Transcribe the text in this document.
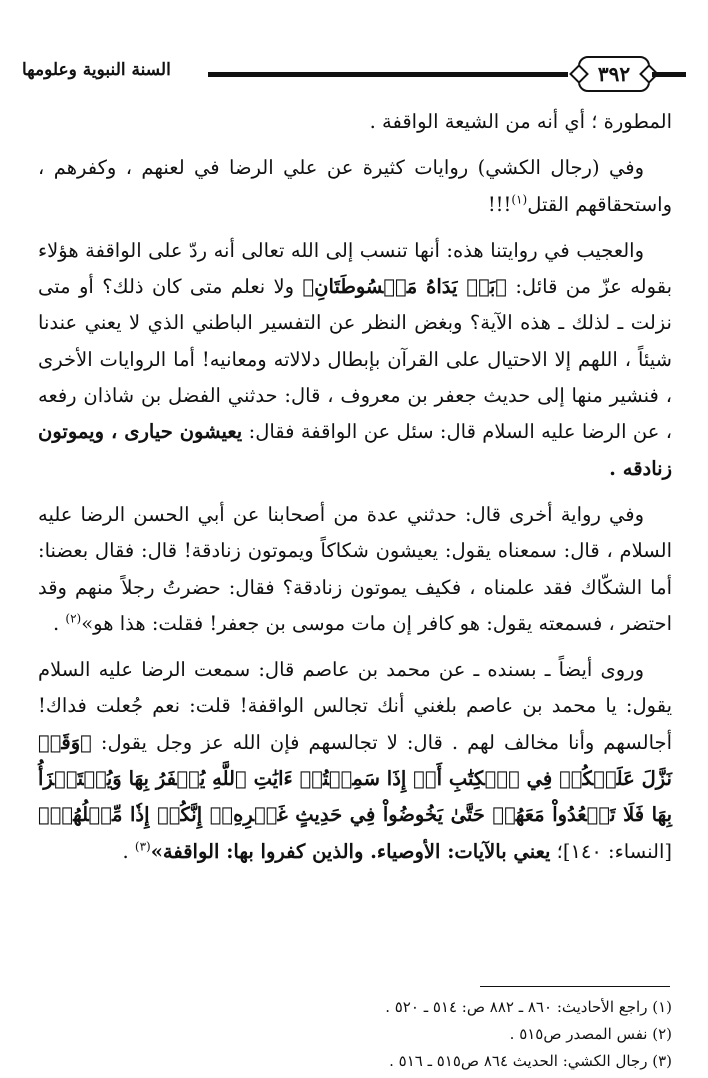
السنة النبوية وعلومها	٣٩٢

المطورة ؛ أي أنه من الشيعة الواقفة .

وفي (رجال الكشي) روايات كثيرة عن علي الرضا في لعنهم ، وكفرهم ، واستحقاقهم القتل$^{(١)}$!!!

والعجيب في روايتنا هذه: أنها تنسب إلى الله تعالى أنه ردّ على الواقفة هؤلاء بقوله عزّ من قائل: ﴿بَلۡ يَدَاهُ مَبۡسُوطَتَانِ﴾ ولا نعلم متى كان ذلك؟ أو متى نزلت ـ لذلك ـ هذه الآية؟ وبغض النظر عن التفسير الباطني الذي لا يعني عندنا شيئاً ، اللهم إلا الاحتيال على القرآن بإبطال دلالاته ومعانيه! أما الروايات الأخرى ، فنشير منها إلى حديث جعفر بن معروف ، قال: حدثني الفضل بن شاذان رفعه ، عن الرضا عليه السلام قال: سئل عن الواقفة فقال: يعيشون حيارى ، ويموتون زنادقه .

وفي رواية أخرى قال: حدثني عدة من أصحابنا عن أبي الحسن الرضا عليه السلام ، قال: سمعناه يقول: يعيشون شكاكاً ويموتون زنادقة! قال: فقال بعضنا: أما الشكّاك فقد علمناه ، فكيف يموتون زنادقة؟ فقال: حضرتُ رجلاً منهم وقد احتضر ، فسمعته يقول: هو كافر إن مات موسى بن جعفر! فقلت: هذا هو»$^{(٢)}$ .

وروى أيضاً ـ بسنده ـ عن محمد بن عاصم قال: سمعت الرضا عليه السلام يقول: يا محمد بن عاصم بلغني أنك تجالس الواقفة! قلت: نعم جُعلت فداك! أجالسهم وأنا مخالف لهم . قال: لا تجالسهم فإن الله عز وجل يقول: ﴿وَقَدۡ نَزَّلَ عَلَيۡكُمۡ فِي ٱلۡكِتَٰبِ أَنۡ إِذَا سَمِعۡتُمۡ ءَايَٰتِ ٱللَّهِ يُكۡفَرُ بِهَا وَيُسۡتَهۡزَأُ بِهَا فَلَا تَقۡعُدُواْ مَعَهُمۡ حَتَّىٰ يَخُوضُواْ فِي حَدِيثٍ غَيۡرِهِۦٓ إِنَّكُمۡ إِذٗا مِّثۡلُهُمۡ﴾ [النساء: ١٤٠]؛ يعني بالآيات: الأوصياء. والذين كفروا بها: الواقفة»$^{(٣)}$ .

(١) راجع الأحاديث: ٨٦٠ ـ ٨٨٢ ص: ٥١٤ ـ ٥٢٠ .
(٢) نفس المصدر ص٥١٥ .
(٣) رجال الكشي: الحديث ٨٦٤ ص٥١٥ ـ ٥١٦ .
